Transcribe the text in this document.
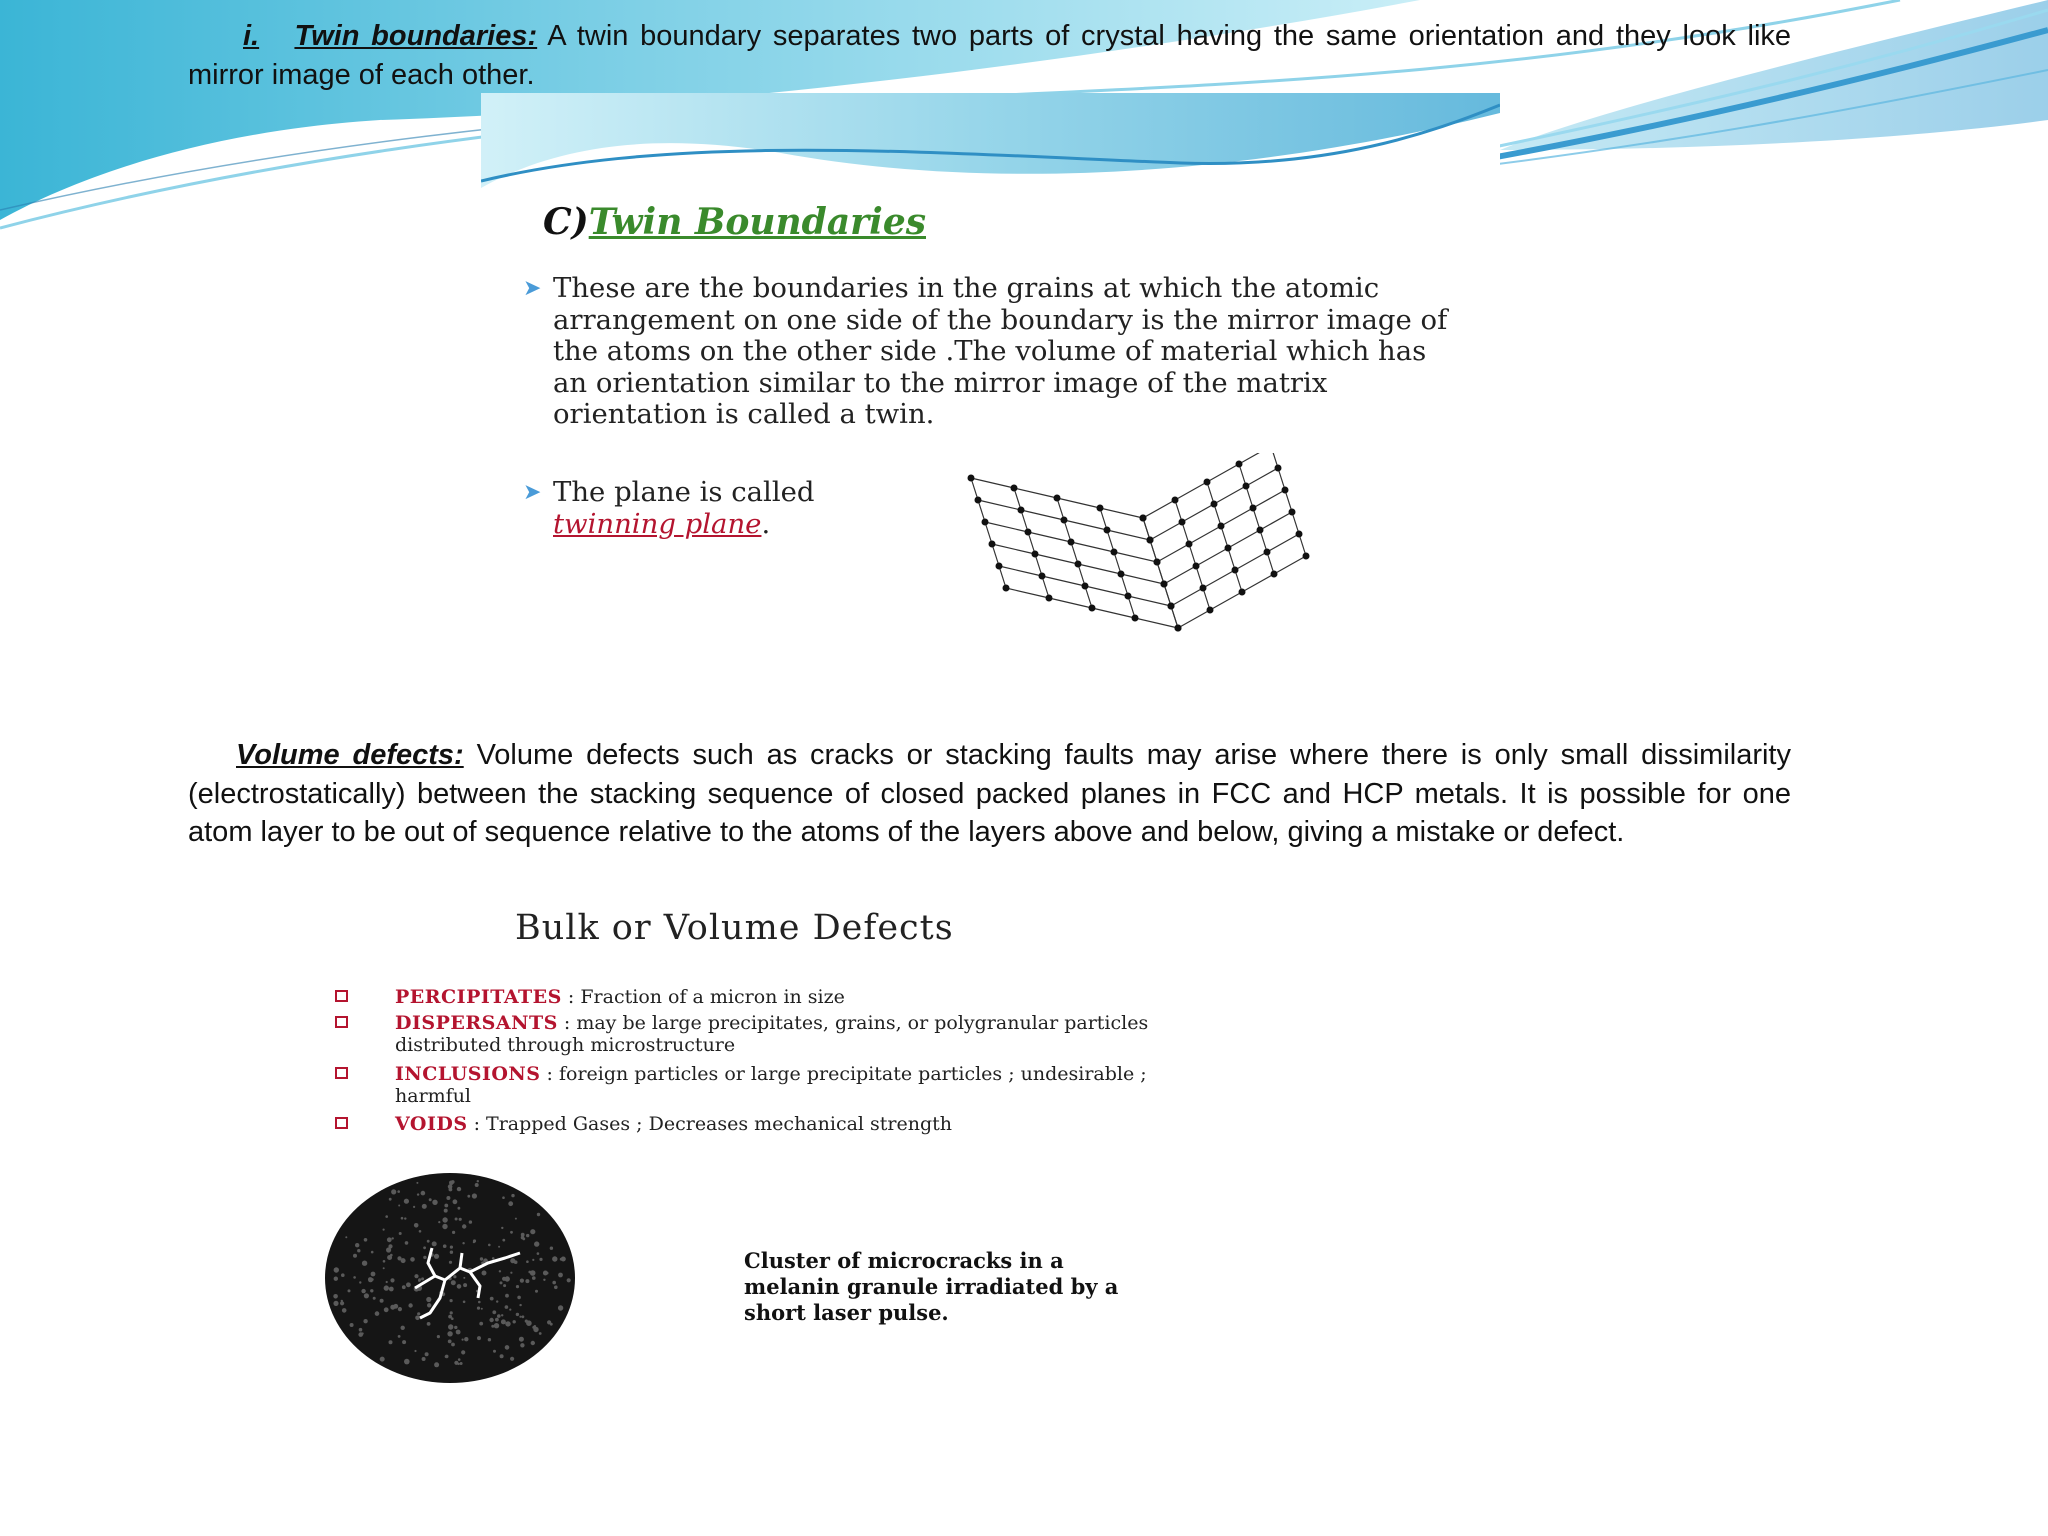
i. Twin boundaries: A twin boundary separates two parts of crystal having the same orientation and they look like mirror image of each other.
C)Twin Boundaries
➤ These are the boundaries in the grains at which the atomic arrangement on one side of the boundary is the mirror image of the atoms on the other side .The volume of material which has an orientation similar to the mirror image of the matrix orientation is called a twin.
➤ The plane is called
twinning plane.
Volume defects: Volume defects such as cracks or stacking faults may arise where there is only small dissimilarity (electrostatically) between the stacking sequence of closed packed planes in FCC and HCP metals. It is possible for one atom layer to be out of sequence relative to the atoms of the layers above and below, giving a mistake or defect.
Bulk or Volume Defects
PERCIPITATES : Fraction of a micron in size
DISPERSANTS : may be large precipitates, grains, or polygranular particles distributed through microstructure
INCLUSIONS : foreign particles or large precipitate particles ; undesirable ; harmful
VOIDS : Trapped Gases ; Decreases mechanical strength
Cluster of microcracks in a melanin granule irradiated by a short laser pulse.
